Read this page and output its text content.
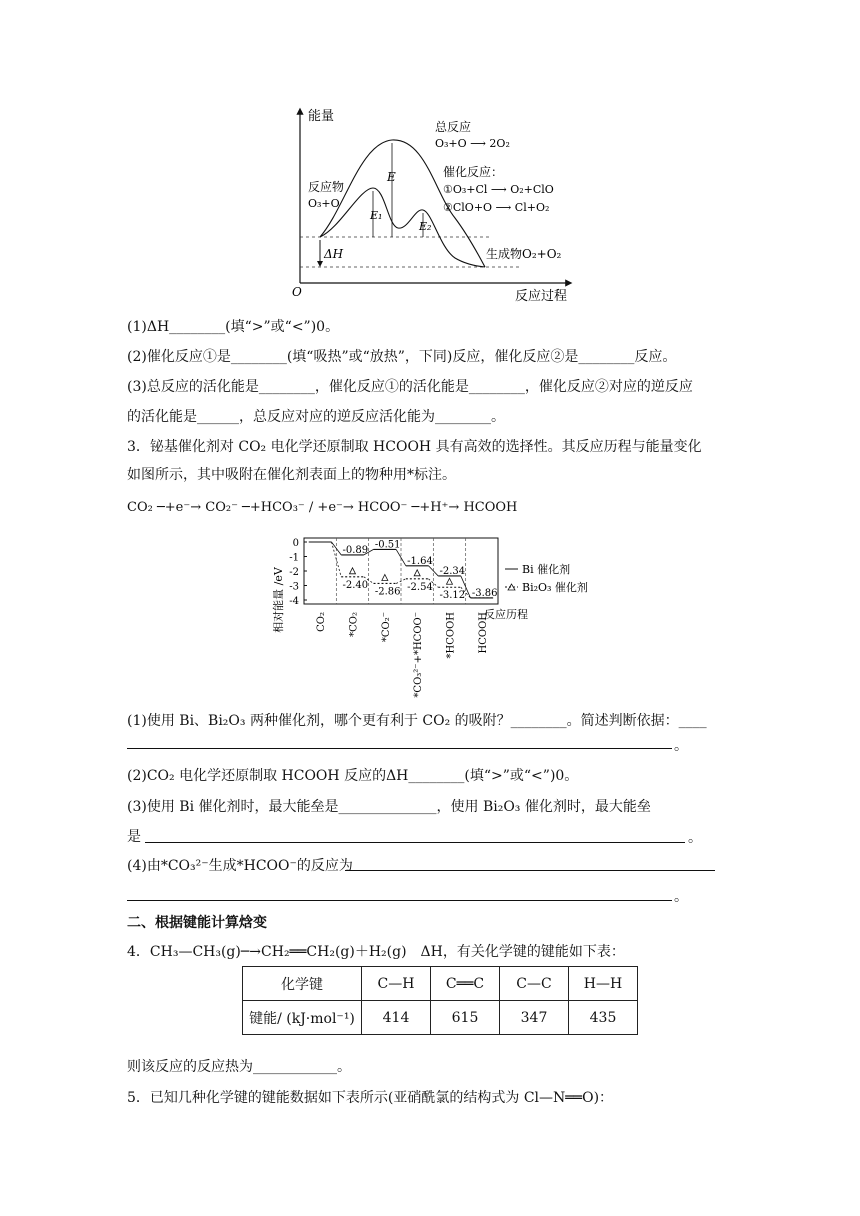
能量
反应过程
O
总反应
O₃+O ⟶ 2O₂
催化反应：
①O₃+Cl ⟶ O₂+ClO
②ClO+O ⟶ Cl+O₂
反应物
O₃+O
生成物O₂+O₂
E
E₁
E₂
ΔH
(1)ΔH________(填“>”或“<”)0。
(2)催化反应①是________(填“吸热”或“放热”，下同)反应，催化反应②是________反应。
(3)总反应的活化能是________，催化反应①的活化能是________，催化反应②对应的逆反应
的活化能是______，总反应对应的逆反应活化能为________。
3．铋基催化剂对 CO₂ 电化学还原制取 HCOOH 具有高效的选择性。其反应历程与能量变化
如图所示，其中吸附在催化剂表面上的物种用*标注。
CO₂ ─+e⁻→ CO₂⁻ ─+HCO₃⁻ / +e⁻→ HCOO⁻ ─+H⁺→ HCOOH
相对能量 /eV
0
-1
-2
-3
-4
-0.89
-0.51
-1.64
-2.34
-3.86
-2.40
-2.86 -2.54
-3.12
CO₂ *CO₂ *CO₂⁻ *CO₃²⁻+*HCOO⁻ *HCOOH HCOOH
反应历程
Bi 催化剂
Bi₂O₃ 催化剂
(1)使用 Bi、Bi₂O₃ 两种催化剂，哪个更有利于 CO₂ 的吸附？________。简述判断依据：____
。
(2)CO₂ 电化学还原制取 HCOOH 反应的ΔH________(填“>”或“<”)0。
(3)使用 Bi 催化剂时，最大能垒是______________，使用 Bi₂O₃ 催化剂时，最大能垒
是	。
(4)由*CO₃²⁻生成*HCOO⁻的反应为
。
二、根据键能计算焓变
4．CH₃—CH₃(g)─→CH₂══CH₂(g)＋H₂(g)　ΔH，有关化学键的键能如下表：
化学键	C—H	C══C	C—C	H—H
键能/ (kJ·mol⁻¹)	414	615	347	435
则该反应的反应热为____________。
5．已知几种化学键的键能数据如下表所示(亚硝酰氯的结构式为 Cl—N══O)：
